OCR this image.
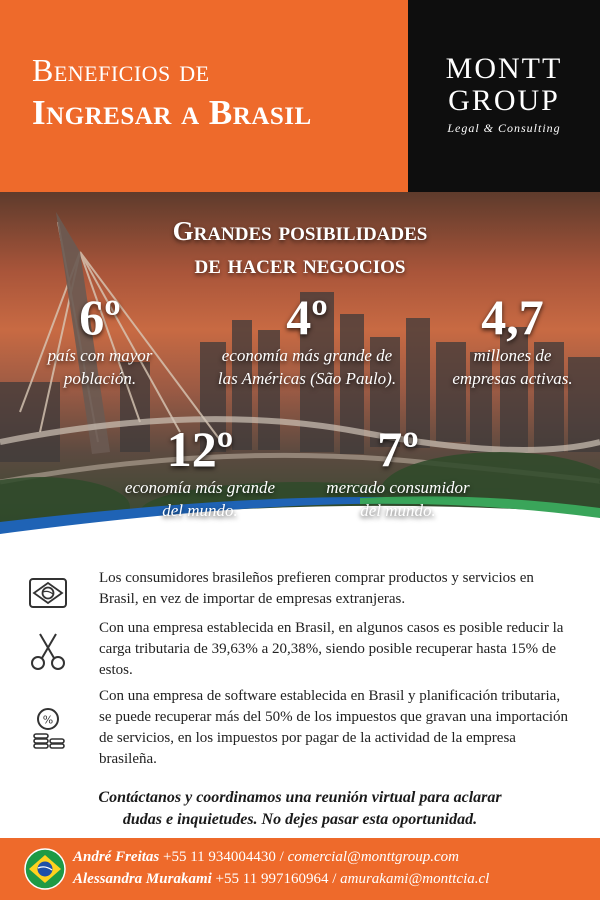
Beneficios de
Ingresar a Brasil
MONTT
GROUP
Legal & Consulting
Grandes posibilidades
de hacer negocios
6º
país con mayor
población.
4º
economía más grande de
las Américas (São Paulo).
4,7
millones de
empresas activas.
12º
economía más grande
del mundo.
7º
mercado consumidor
del mundo.
Los consumidores brasileños prefieren comprar productos y servicios en Brasil, en vez de importar de empresas extranjeras.
Con una empresa establecida en Brasil, en algunos casos es posible reducir la carga tributaria de 39,63% a 20,38%, siendo posible recuperar hasta 15% de estos.
%
Con una empresa de software establecida en Brasil y planificación tributaria, se puede recuperar más del 50% de los impuestos que gravan una importación de servicios, en los impuestos por pagar de la actividad de la empresa brasileña.
Contáctanos y coordinamos una reunión virtual para aclarar
dudas e inquietudes. No dejes pasar esta oportunidad.
André Freitas +55 11 934004430 / comercial@monttgroup.com
Alessandra Murakami +55 11 997160964 / amurakami@monttcia.cl
